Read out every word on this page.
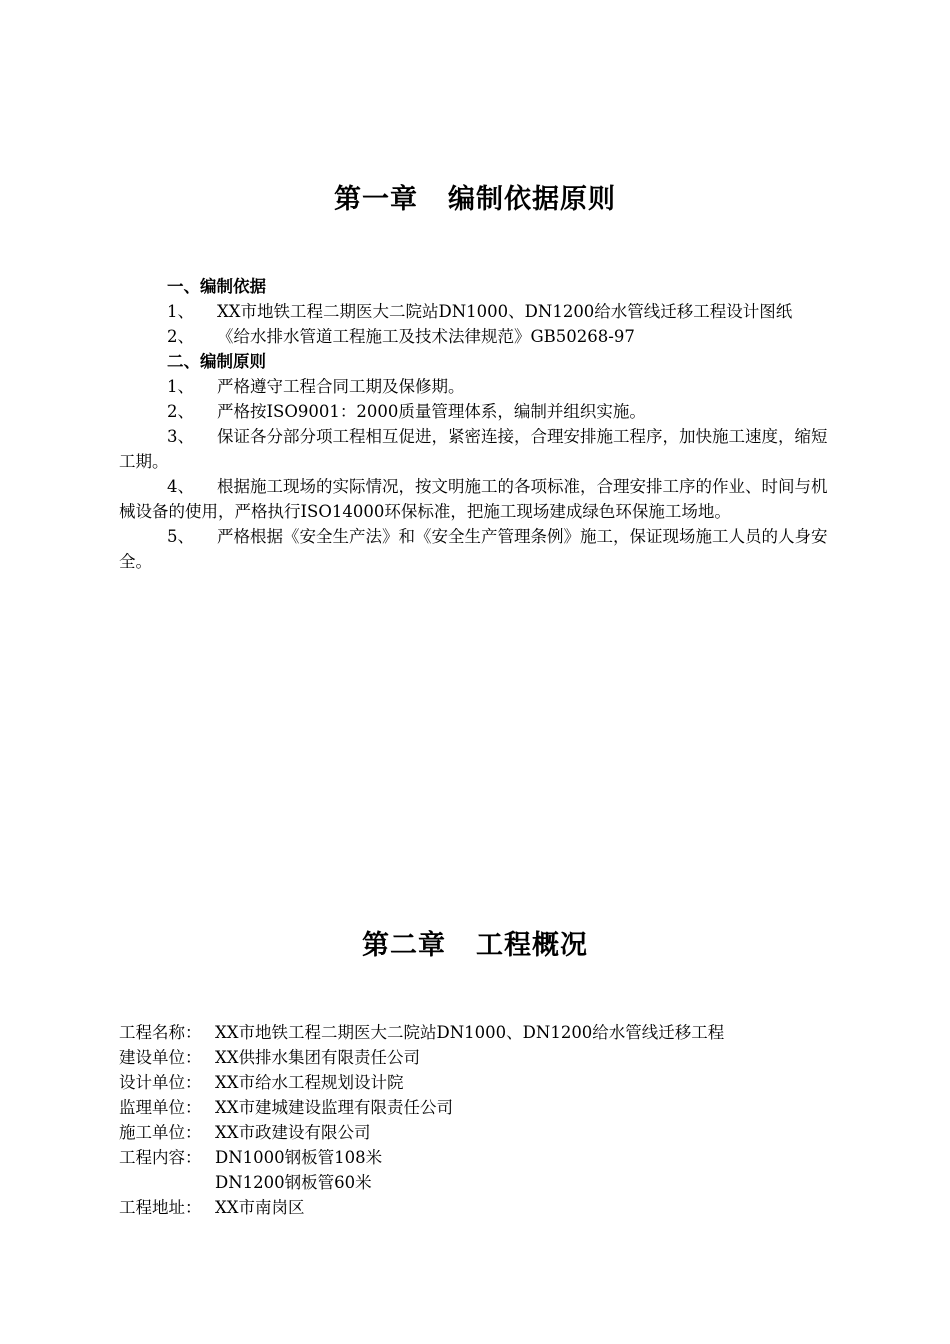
第一章 编制依据原则

一、编制依据

1、 XX市地铁工程二期医大二院站DN1000、DN1200给水管线迁移工程设计图纸

2、 《给水排水管道工程施工及技术法律规范》GB50268-97

二、编制原则

1、 严格遵守工程合同工期及保修期。

2、 严格按ISO9001：2000质量管理体系，编制并组织实施。

3、 保证各分部分项工程相互促进，紧密连接，合理安排施工程序，加快施工速度，缩短工期。

4、 根据施工现场的实际情况，按文明施工的各项标准，合理安排工序的作业、时间与机械设备的使用，严格执行ISO14000环保标准，把施工现场建成绿色环保施工场地。

5、 严格根据《安全生产法》和《安全生产管理条例》施工，保证现场施工人员的人身安全。

第二章 工程概况

工程名称： XX市地铁工程二期医大二院站DN1000、DN1200给水管线迁移工程

建设单位： XX供排水集团有限责任公司

设计单位： XX市给水工程规划设计院

监理单位： XX市建城建设监理有限责任公司

施工单位： XX市政建设有限公司

工程内容： DN1000钢板管108米

DN1200钢板管60米

工程地址： XX市南岗区
